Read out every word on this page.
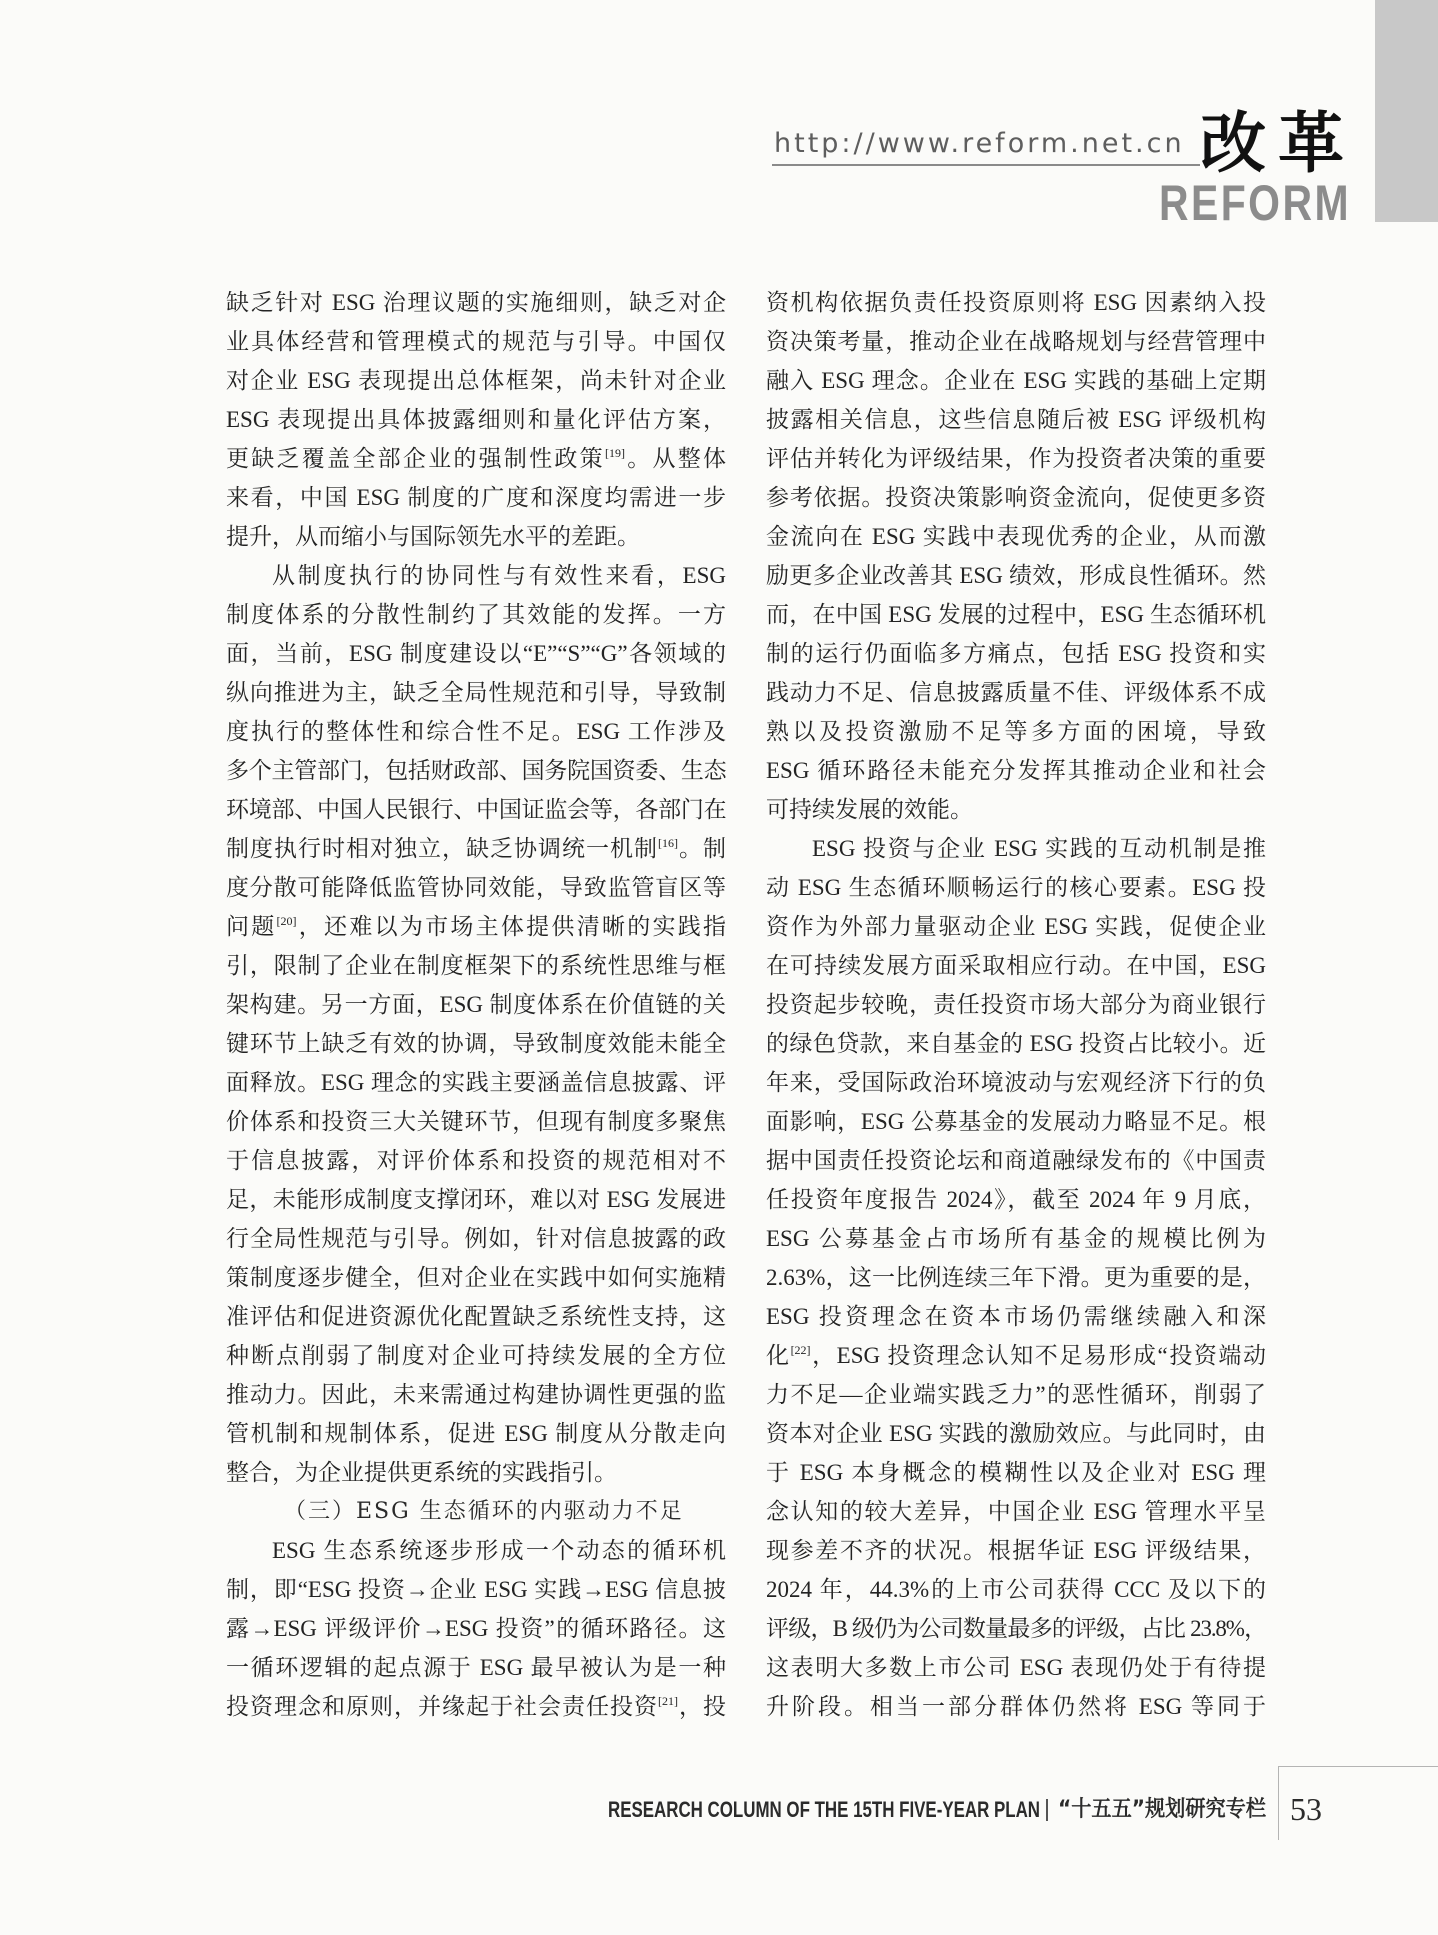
http://www.reform.net.cn 改革
REFORM
缺乏针对 ESG 治理议题的实施细则，缺乏对企
业具体经营和管理模式的规范与引导。中国仅
对企业 ESG 表现提出总体框架，尚未针对企业
ESG 表现提出具体披露细则和量化评估方案，
更缺乏覆盖全部企业的强制性政策[19]。从整体
来看，中国 ESG 制度的广度和深度均需进一步
提升，从而缩小与国际领先水平的差距。
从制度执行的协同性与有效性来看，ESG
制度体系的分散性制约了其效能的发挥。一方
面，当前，ESG 制度建设以“E”“S”“G”各领域的
纵向推进为主，缺乏全局性规范和引导，导致制
度执行的整体性和综合性不足。ESG 工作涉及
多个主管部门，包括财政部、国务院国资委、生态
环境部、中国人民银行、中国证监会等，各部门在
制度执行时相对独立，缺乏协调统一机制[16]。制
度分散可能降低监管协同效能，导致监管盲区等
问题[20]，还难以为市场主体提供清晰的实践指
引，限制了企业在制度框架下的系统性思维与框
架构建。另一方面，ESG 制度体系在价值链的关
键环节上缺乏有效的协调，导致制度效能未能全
面释放。ESG 理念的实践主要涵盖信息披露、评
价体系和投资三大关键环节，但现有制度多聚焦
于信息披露，对评价体系和投资的规范相对不
足，未能形成制度支撑闭环，难以对 ESG 发展进
行全局性规范与引导。例如，针对信息披露的政
策制度逐步健全，但对企业在实践中如何实施精
准评估和促进资源优化配置缺乏系统性支持，这
种断点削弱了制度对企业可持续发展的全方位
推动力。因此，未来需通过构建协调性更强的监
管机制和规制体系，促进 ESG 制度从分散走向
整合，为企业提供更系统的实践指引。
（三）ESG 生态循环的内驱动力不足
ESG 生态系统逐步形成一个动态的循环机
制，即“ESG 投资→企业 ESG 实践→ESG 信息披
露→ESG 评级评价→ESG 投资”的循环路径。这
一循环逻辑的起点源于 ESG 最早被认为是一种
投资理念和原则，并缘起于社会责任投资[21]，投
资机构依据负责任投资原则将 ESG 因素纳入投
资决策考量，推动企业在战略规划与经营管理中
融入 ESG 理念。企业在 ESG 实践的基础上定期
披露相关信息，这些信息随后被 ESG 评级机构
评估并转化为评级结果，作为投资者决策的重要
参考依据。投资决策影响资金流向，促使更多资
金流向在 ESG 实践中表现优秀的企业，从而激
励更多企业改善其 ESG 绩效，形成良性循环。然
而，在中国 ESG 发展的过程中，ESG 生态循环机
制的运行仍面临多方痛点，包括 ESG 投资和实
践动力不足、信息披露质量不佳、评级体系不成
熟以及投资激励不足等多方面的困境，导致
ESG 循环路径未能充分发挥其推动企业和社会
可持续发展的效能。
ESG 投资与企业 ESG 实践的互动机制是推
动 ESG 生态循环顺畅运行的核心要素。ESG 投
资作为外部力量驱动企业 ESG 实践，促使企业
在可持续发展方面采取相应行动。在中国，ESG
投资起步较晚，责任投资市场大部分为商业银行
的绿色贷款，来自基金的 ESG 投资占比较小。近
年来，受国际政治环境波动与宏观经济下行的负
面影响，ESG 公募基金的发展动力略显不足。根
据中国责任投资论坛和商道融绿发布的《中国责
任投资年度报告 2024》，截至 2024 年 9 月底，
ESG 公募基金占市场所有基金的规模比例为
2.63%，这一比例连续三年下滑。更为重要的是，
ESG 投资理念在资本市场仍需继续融入和深
化[22]，ESG 投资理念认知不足易形成“投资端动
力不足—企业端实践乏力”的恶性循环，削弱了
资本对企业 ESG 实践的激励效应。与此同时，由
于 ESG 本身概念的模糊性以及企业对 ESG 理
念认知的较大差异，中国企业 ESG 管理水平呈
现参差不齐的状况。根据华证 ESG 评级结果，
2024 年，44.3%的上市公司获得 CCC 及以下的
评级，B 级仍为公司数量最多的评级，占比 23.8%，
这表明大多数上市公司 ESG 表现仍处于有待提
升阶段。相当一部分群体仍然将 ESG 等同于
RESEARCH COLUMN OF THE 15TH FIVE-YEAR PLAN “十五五”规划研究专栏 53
